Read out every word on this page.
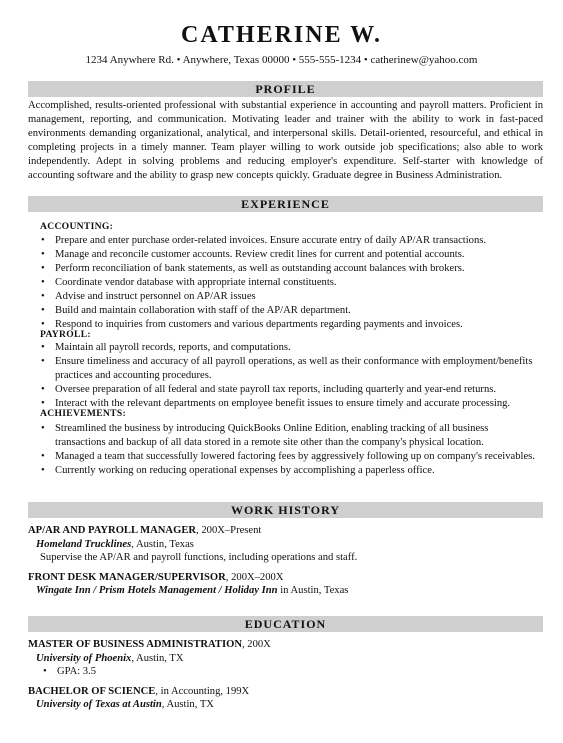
CATHERINE W.
1234 Anywhere Rd. • Anywhere, Texas 00000 • 555-555-1234 • catherinew@yahoo.com
PROFILE
Accomplished, results-oriented professional with substantial experience in accounting and payroll matters. Proficient in management, reporting, and communication. Motivating leader and trainer with the ability to work in fast-paced environments demanding organizational, analytical, and interpersonal skills. Detail-oriented, resourceful, and ethical in completing projects in a timely manner. Team player willing to work outside job specifications; also able to work independently. Adept in solving problems and reducing employer's expenditure. Self-starter with knowledge of accounting software and the ability to grasp new concepts quickly. Graduate degree in Business Administration.
EXPERIENCE
ACCOUNTING:
• Prepare and enter purchase order-related invoices. Ensure accurate entry of daily AP/AR transactions.
• Manage and reconcile customer accounts. Review credit lines for current and potential accounts.
• Perform reconciliation of bank statements, as well as outstanding account balances with brokers.
• Coordinate vendor database with appropriate internal constituents.
• Advise and instruct personnel on AP/AR issues
• Build and maintain collaboration with staff of the AP/AR department.
• Respond to inquiries from customers and various departments regarding payments and invoices.
PAYROLL:
• Maintain all payroll records, reports, and computations.
• Ensure timeliness and accuracy of all payroll operations, as well as their conformance with employment/benefits practices and accounting procedures.
• Oversee preparation of all federal and state payroll tax reports, including quarterly and year-end returns.
• Interact with the relevant departments on employee benefit issues to ensure timely and accurate processing.
ACHIEVEMENTS:
• Streamlined the business by introducing QuickBooks Online Edition, enabling tracking of all business transactions and backup of all data stored in a remote site other than the company's physical location.
• Managed a team that successfully lowered factoring fees by aggressively following up on company's receivables.
• Currently working on reducing operational expenses by accomplishing a paperless office.
WORK HISTORY
AP/AR AND PAYROLL MANAGER, 200X–Present
Homeland Trucklines, Austin, Texas
Supervise the AP/AR and payroll functions, including operations and staff.
FRONT DESK MANAGER/SUPERVISOR, 200X–200X
Wingate Inn / Prism Hotels Management / Holiday Inn in Austin, Texas
EDUCATION
MASTER OF BUSINESS ADMINISTRATION, 200X
University of Phoenix, Austin, TX
• GPA: 3.5
BACHELOR OF SCIENCE, in Accounting, 199X
University of Texas at Austin, Austin, TX
